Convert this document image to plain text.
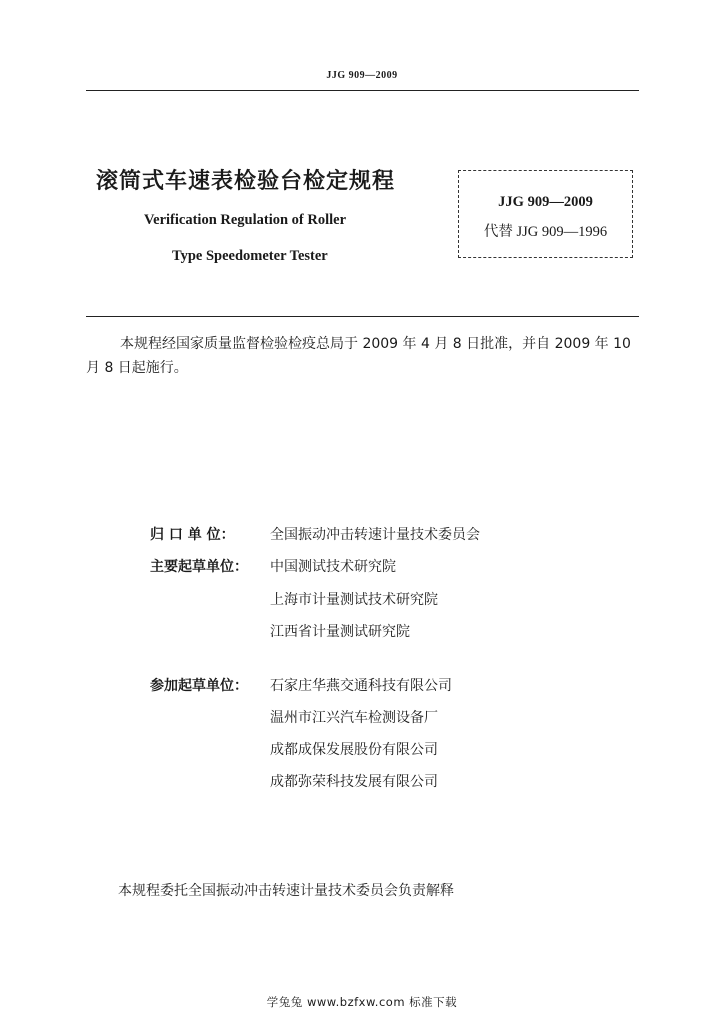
JJG 909—2009
滚筒式车速表检验台检定规程
Verification Regulation of Roller
Type Speedometer Tester
JJG 909—2009
代替 JJG 909—1996
本规程经国家质量监督检验检疫总局于 2009 年 4 月 8 日批准，并自 2009 年 10 月 8 日起施行。
归 口 单 位：	全国振动冲击转速计量技术委员会
主要起草单位： 中国测试技术研究院
上海市计量测试技术研究院
江西省计量测试研究院
参加起草单位： 石家庄华燕交通科技有限公司
温州市江兴汽车检测设备厂
成都成保发展股份有限公司
成都弥荣科技发展有限公司
本规程委托全国振动冲击转速计量技术委员会负责解释
学兔兔 www.bzfxw.com 标准下载
